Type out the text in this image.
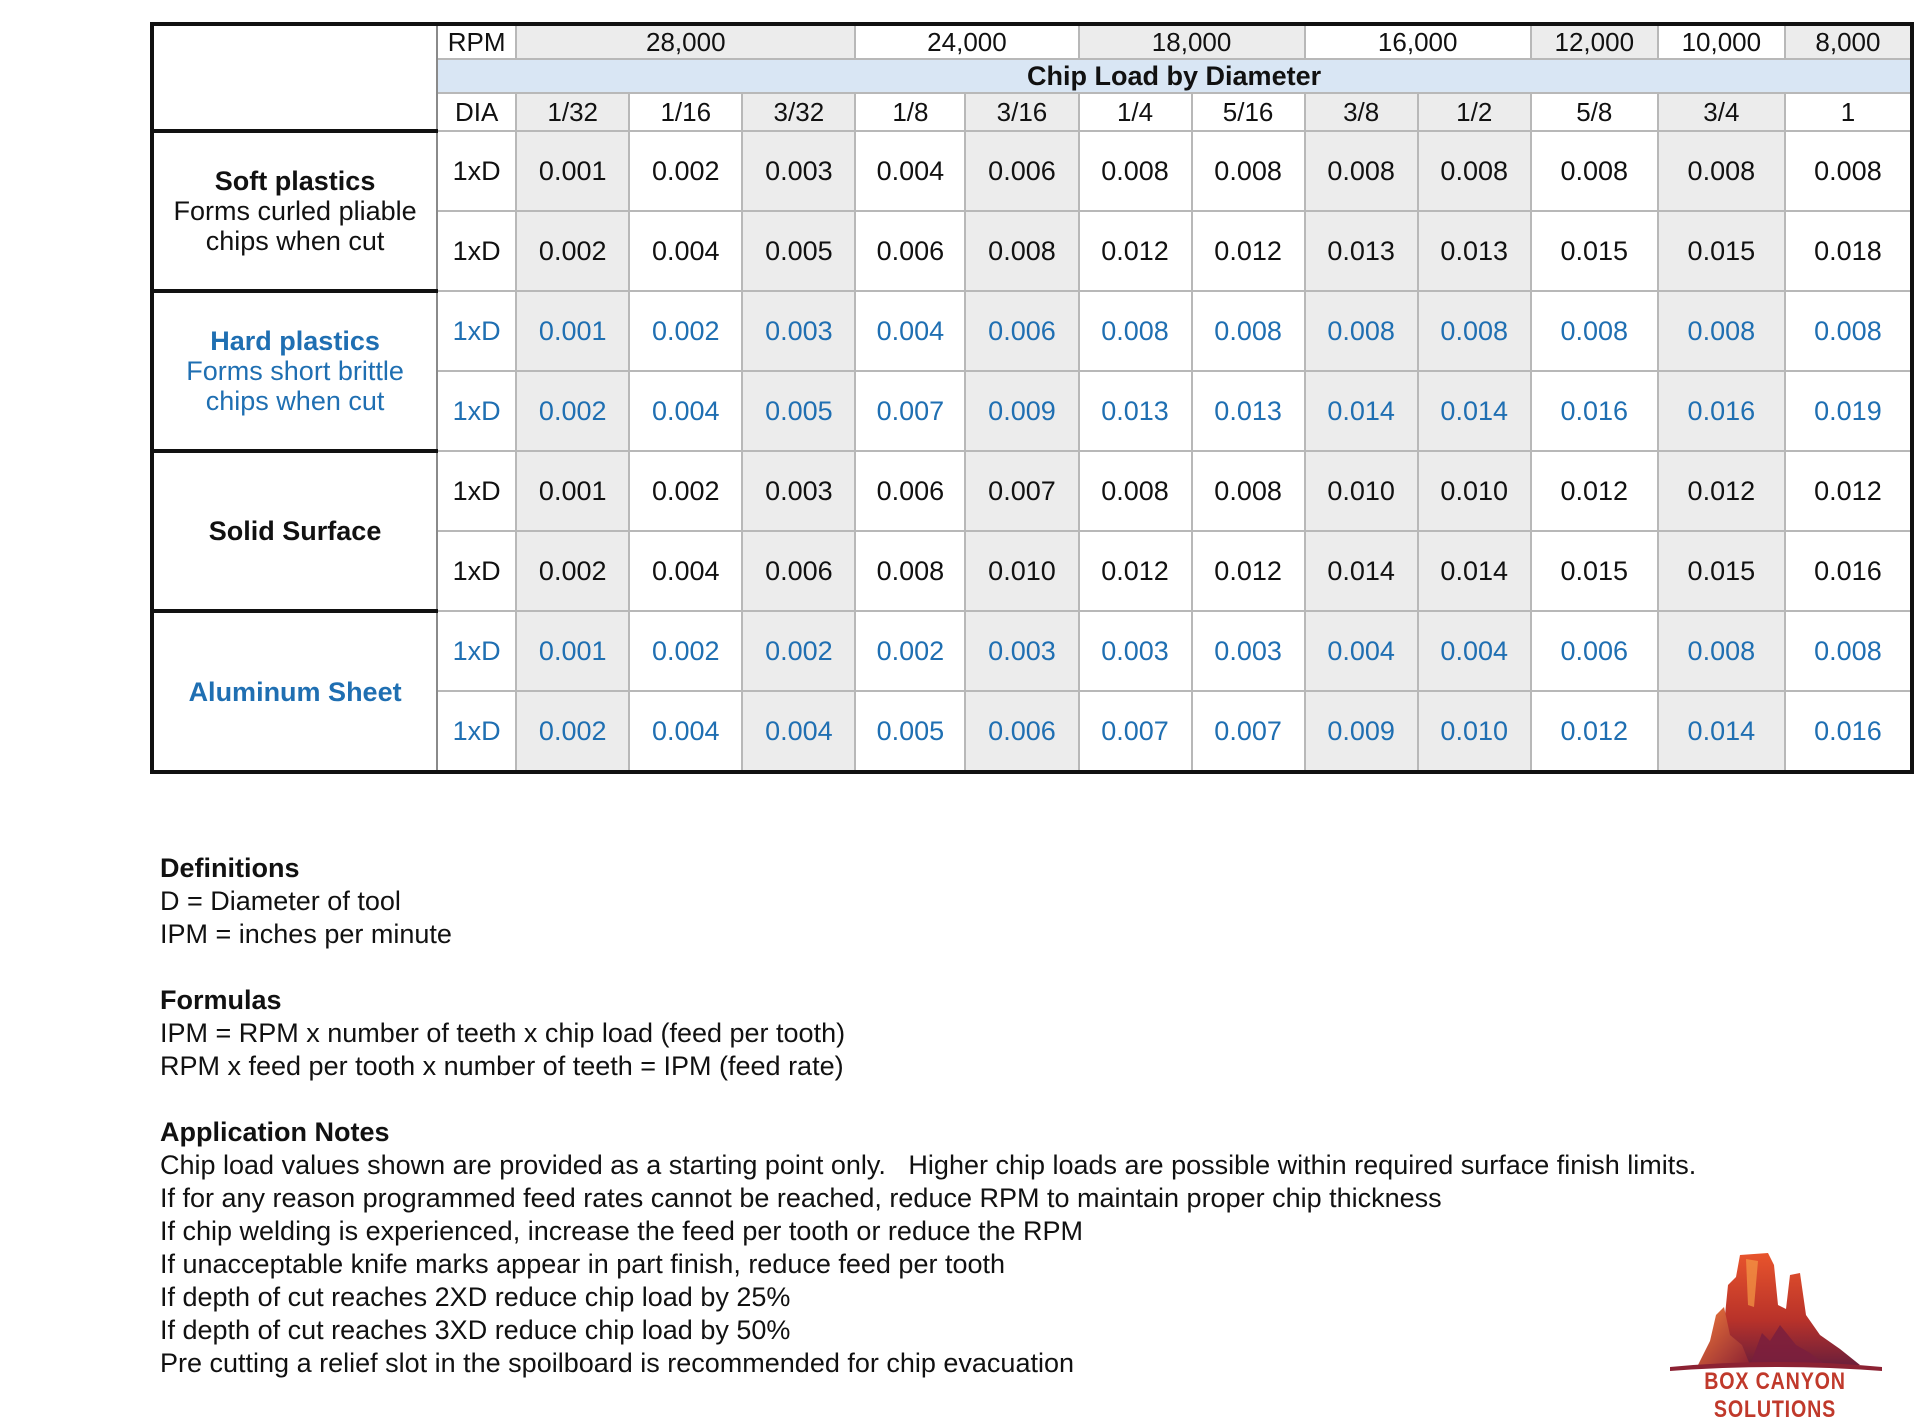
	RPM	28,000			24,000		18,000		16,000		12,000	10,000	8,000
	Chip Load by Diameter												
	DIA	1/32	1/16	3/32	1/8	3/16	1/4	5/16	3/8	1/2	5/8	3/4	1

Soft plastics
Forms curled pliable
chips when cut	1xD	0.001	0.002	0.003	0.004	0.006	0.008	0.008	0.008	0.008	0.008	0.008	0.008
	1xD	0.002	0.004	0.005	0.006	0.008	0.012	0.012	0.013	0.013	0.015	0.015	0.018

Hard plastics
Forms short brittle
chips when cut	1xD	0.001	0.002	0.003	0.004	0.006	0.008	0.008	0.008	0.008	0.008	0.008	0.008
	1xD	0.002	0.004	0.005	0.007	0.009	0.013	0.013	0.014	0.014	0.016	0.016	0.019

Solid Surface	1xD	0.001	0.002	0.003	0.006	0.007	0.008	0.008	0.010	0.010	0.012	0.012	0.012
	1xD	0.002	0.004	0.006	0.008	0.010	0.012	0.012	0.014	0.014	0.015	0.015	0.016

Aluminum Sheet	1xD	0.001	0.002	0.002	0.002	0.003	0.003	0.003	0.004	0.004	0.006	0.008	0.008
	1xD	0.002	0.004	0.004	0.005	0.006	0.007	0.007	0.009	0.010	0.012	0.014	0.016
Definitions

D = Diameter of tool

IPM = inches per minute

Formulas

IPM = RPM x number of teeth x chip load (feed per tooth)

RPM x feed per tooth x number of teeth = IPM (feed rate)

Application Notes

Chip load values shown are provided as a starting point only.   Higher chip loads are possible within required surface finish limits.

If for any reason programmed feed rates cannot be reached, reduce RPM to maintain proper chip thickness

If chip welding is experienced, increase the feed per tooth or reduce the RPM

If unacceptable knife marks appear in part finish, reduce feed per tooth

If depth of cut reaches 2XD reduce chip load by 25%

If depth of cut reaches 3XD reduce chip load by 50%

Pre cutting a relief slot in the spoilboard is recommended for chip evacuation

BOX CANYON SOLUTIONS
